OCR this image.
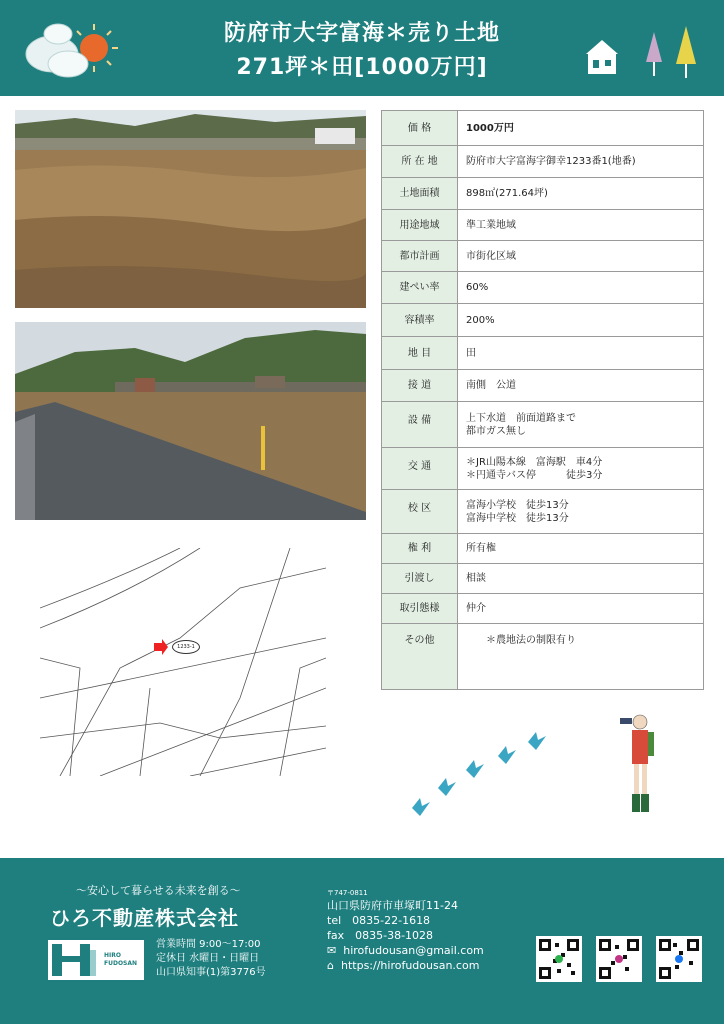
防府市大字富海＊売り土地
271坪＊田[1000万円]
1233-1
価 格	1000万円
所 在 地	防府市大字富海字御幸1233番1(地番)
土地面積	898㎡(271.64坪)
用途地域	準工業地域
都市計画	市街化区域
建ぺい率	60%
容積率	200%
地 目	田
接 道	南側　公道
設 備	上下水道　前面道路まで
都市ガス無し

交 通	＊JR山陽本線　富海駅　車4分
＊円通寺バス停　　　徒歩3分

校 区	富海小学校　徒歩13分
富海中学校　徒歩13分

権 利	所有権
引渡し	相談
取引態様	仲介
その他	＊農地法の制限有り
～安心して暮らせる未来を創る～
ひろ不動産株式会社
HIRO
FUDOSAN
営業時間 9:00～17:00
定休日 水曜日・日曜日
山口県知事(1)第3776号
〒747-0811
山口県防府市車塚町11-24
tel　0835-22-1618
fax　0835-38-1028
✉ hirofudousan@gmail.com
⌂ https://hirofudousan.com
